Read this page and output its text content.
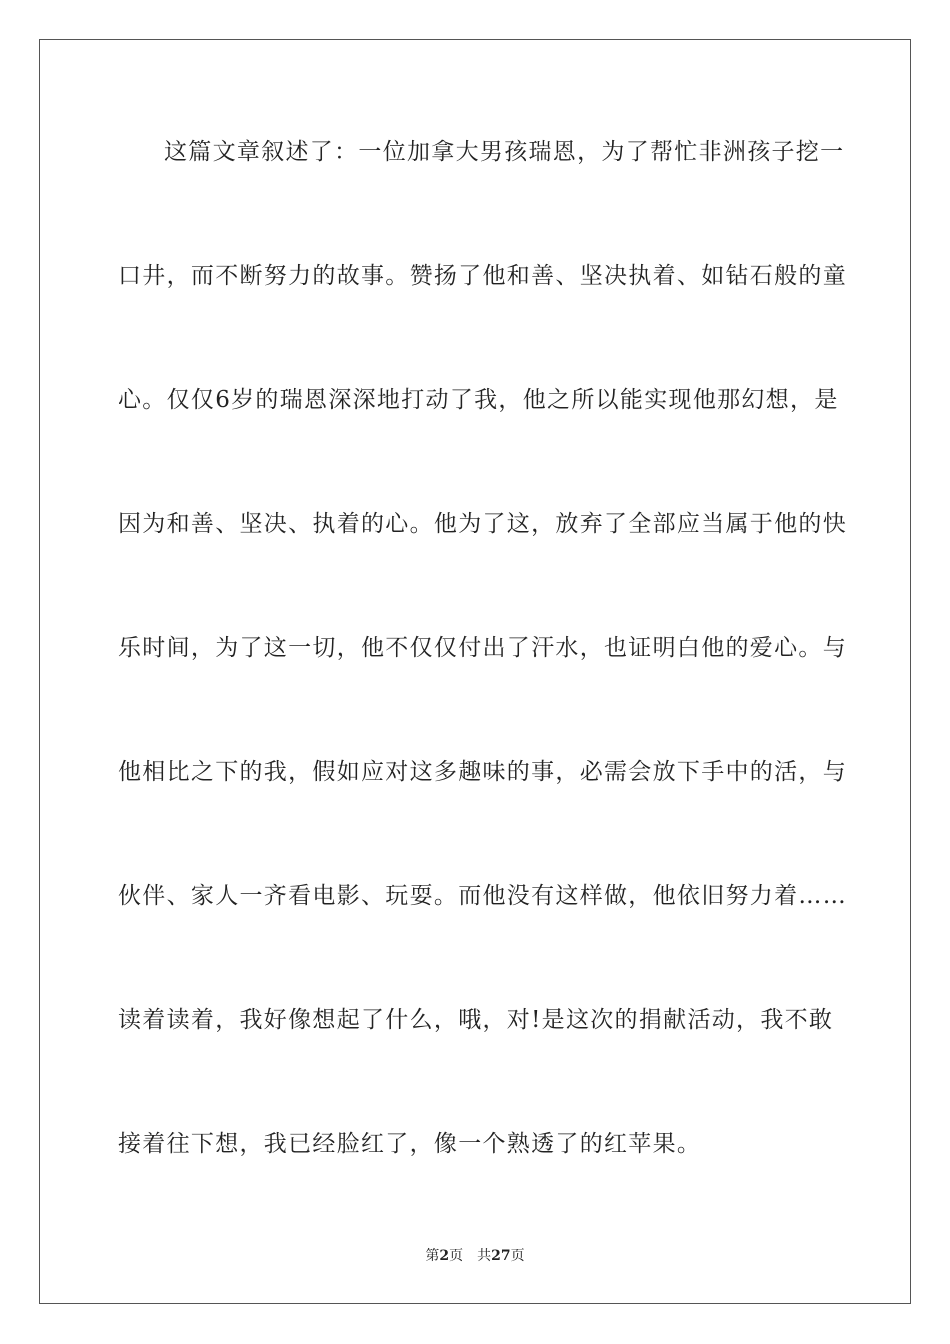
这篇文章叙述了：一位加拿大男孩瑞恩，为了帮忙非洲孩子挖一
口井，而不断努力的故事。赞扬了他和善、坚决执着、如钻石般的童
心。仅仅6岁的瑞恩深深地打动了我，他之所以能实现他那幻想，是
因为和善、坚决、执着的心。他为了这，放弃了全部应当属于他的快
乐时间，为了这一切，他不仅仅付出了汗水，也证明白他的爱心。与
他相比之下的我，假如应对这多趣味的事，必需会放下手中的活，与
伙伴、家人一齐看电影、玩耍。而他没有这样做，他依旧努力着……
读着读着，我好像想起了什么，哦，对!是这次的捐献活动，我不敢
接着往下想，我已经脸红了，像一个熟透了的红苹果。
第2页 共27页
